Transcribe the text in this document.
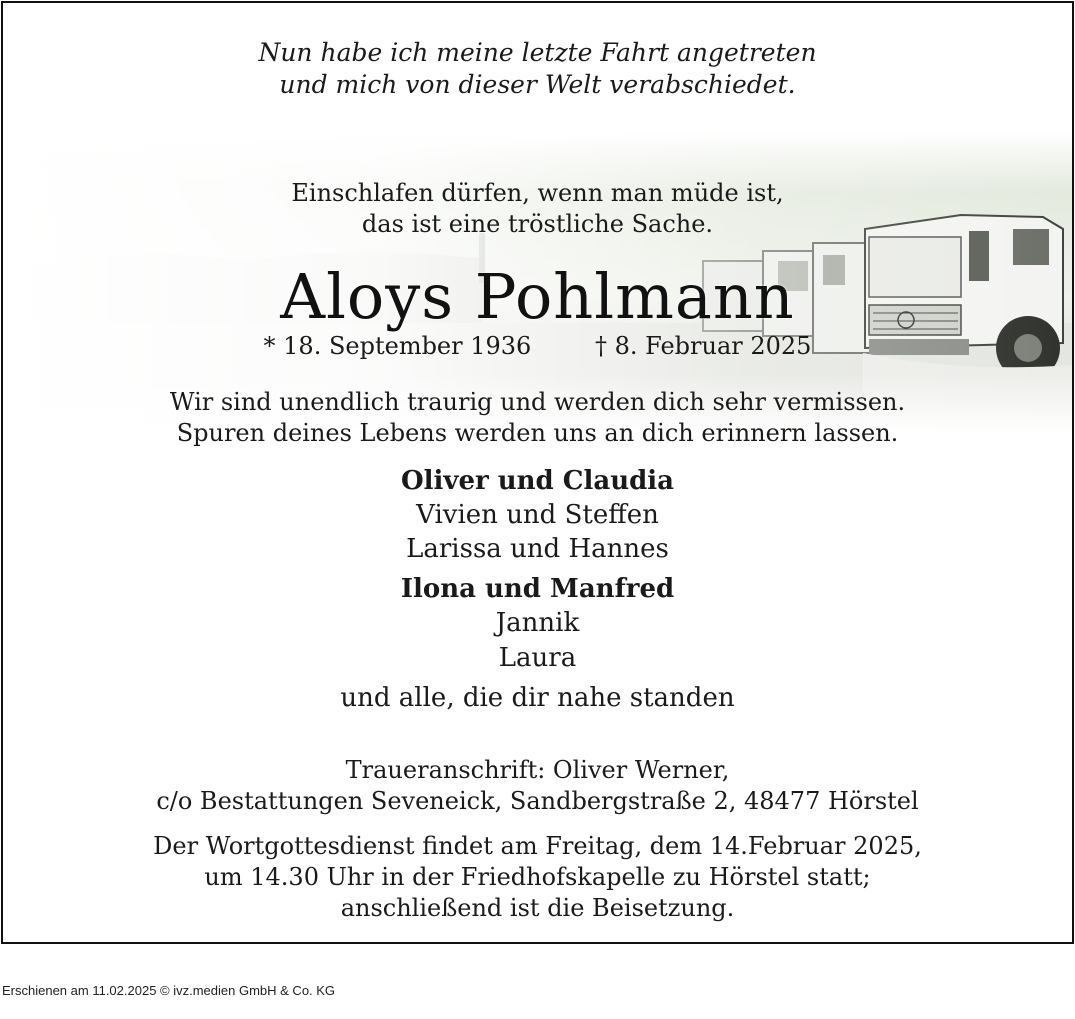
Nun habe ich meine letzte Fahrt angetreten
und mich von dieser Welt verabschiedet.
Einschlafen dürfen, wenn man müde ist,
das ist eine tröstliche Sache.
Aloys Pohlmann
* 18. September 1936	† 8. Februar 2025
Wir sind unendlich traurig und werden dich sehr vermissen.
Spuren deines Lebens werden uns an dich erinnern lassen.
Oliver und Claudia
Vivien und Steffen
Larissa und Hannes
Ilona und Manfred
Jannik
Laura
und alle, die dir nahe standen
Traueranschrift: Oliver Werner,
c/o Bestattungen Seveneick, Sandbergstraße 2, 48477 Hörstel
Der Wortgottesdienst findet am Freitag, dem 14.Februar 2025,
um 14.30 Uhr in der Friedhofskapelle zu Hörstel statt;
anschließend ist die Beisetzung.
Erschienen am 11.02.2025 © ivz.medien GmbH & Co. KG
